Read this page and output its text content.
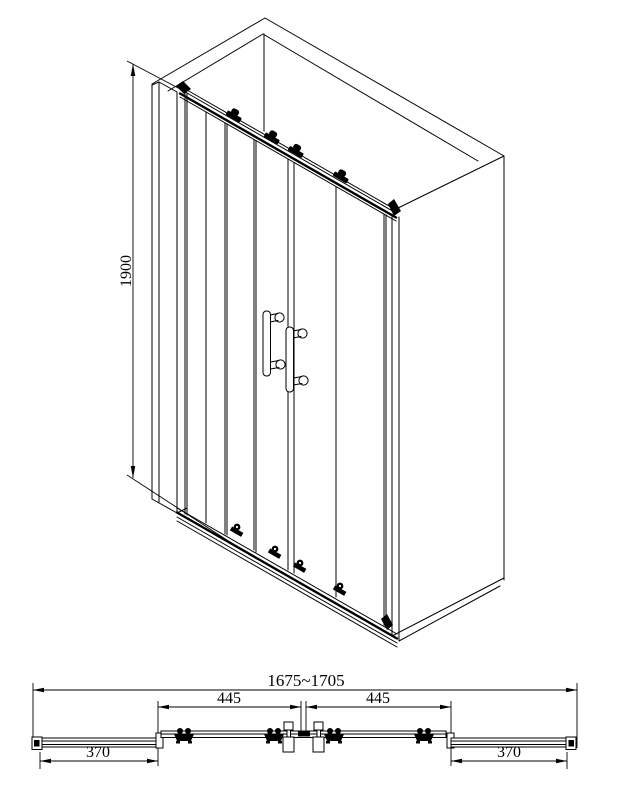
1900
1675~1705
445	445
370	370
